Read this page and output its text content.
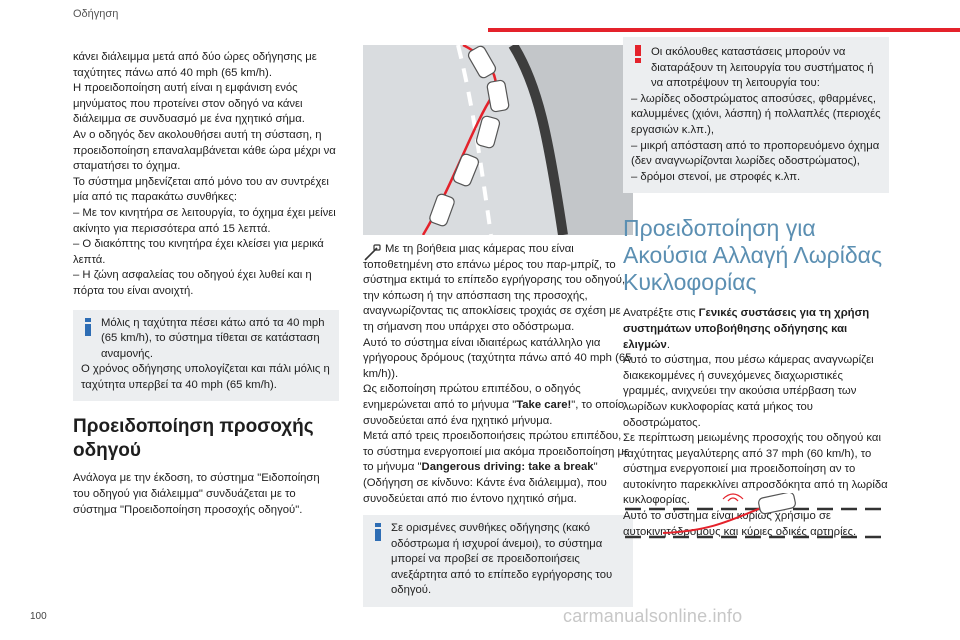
Οδήγηση

κάνει διάλειμμα μετά από δύο ώρες οδήγησης με ταχύτητες πάνω από 40 mph (65 km/h).

Η προειδοποίηση αυτή είναι η εμφάνιση ενός μηνύματος που προτείνει στον οδηγό να κάνει διάλειμμα σε συνδυασμό με ένα ηχητικό σήμα.

Αν ο οδηγός δεν ακολουθήσει αυτή τη σύσταση, η προειδοποίηση επαναλαμβάνεται κάθε ώρα μέχρι να σταματήσει το όχημα.

Το σύστημα μηδενίζεται από μόνο του αν συντρέχει μία από τις παρακάτω συνθήκες:

– Με τον κινητήρα σε λειτουργία, το όχημα έχει μείνει ακίνητο για περισσότερα από 15 λεπτά.

– Ο διακόπτης του κινητήρα έχει κλείσει για μερικά λεπτά.

– Η ζώνη ασφαλείας του οδηγού έχει λυθεί και η πόρτα του είναι ανοιχτή.

Μόλις η ταχύτητα πέσει κάτω από τα 40 mph (65 km/h), το σύστημα τίθεται σε κατάσταση αναμονής.

Ο χρόνος οδήγησης υπολογίζεται και πάλι μόλις η ταχύτητα υπερβεί τα 40 mph (65 km/h).

Προειδοποίηση προσοχής οδηγού

Ανάλογα με την έκδοση, το σύστημα "Ειδοποίηση του οδηγού για διάλειμμα" συνδυάζεται με το σύστημα "Προειδοποίηση προσοχής οδηγού".

Με τη βοήθεια μιας κάμερας που είναι τοποθετημένη στο επάνω μέρος του παρ-μπρίζ, το σύστημα εκτιμά το επίπεδο εγρήγορσης του οδηγού, την κόπωση ή την απόσπαση της προσοχής, αναγνωρίζοντας τις αποκλίσεις τροχιάς σε σχέση με τη σήμανση που υπάρχει στο οδόστρωμα.

Αυτό το σύστημα είναι ιδιαιτέρως κατάλληλο για γρήγορους δρόμους (ταχύτητα πάνω από 40 mph (65 km/h)).

Ως ειδοποίηση πρώτου επιπέδου, ο οδηγός ενημερώνεται από το μήνυμα "Take care!", το οποίο συνοδεύεται από ένα ηχητικό μήνυμα.

Μετά από τρεις προειδοποιήσεις πρώτου επιπέδου, το σύστημα ενεργοποιεί μια ακόμα προειδοποίηση με το μήνυμα "Dangerous driving: take a break" (Οδήγηση σε κίνδυνο: Κάντε ένα διάλειμμα), που συνοδεύεται από πιο έντονο ηχητικό σήμα.

Σε ορισμένες συνθήκες οδήγησης (κακό οδόστρωμα ή ισχυροί άνεμοι), το σύστημα μπορεί να προβεί σε προειδοποιήσεις ανεξάρτητα από το επίπεδο εγρήγορσης του οδηγού.

Οι ακόλουθες καταστάσεις μπορούν να διαταράξουν τη λειτουργία του συστήματος ή να αποτρέψουν τη λειτουργία του:

– λωρίδες οδοστρώματος αποσύσες, φθαρμένες, καλυμμένες (χιόνι, λάσπη) ή πολλαπλές (περιοχές εργασιών κ.λπ.),

– μικρή απόσταση από το προπορευόμενο όχημα (δεν αναγνωρίζονται λωρίδες οδοστρώματος),

– δρόμοι στενοί, με στροφές κ.λπ.

Προειδοποίηση για Ακούσια Αλλαγή Λωρίδας Κυκλοφορίας

Ανατρέξτε στις Γενικές συστάσεις για τη χρήση συστημάτων υποβοήθησης οδήγησης και ελιγμών.

Αυτό το σύστημα, που μέσω κάμερας αναγνωρίζει διακεκομμένες ή συνεχόμενες διαχωριστικές γραμμές, ανιχνεύει την ακούσια υπέρβαση των λωρίδων κυκλοφορίας κατά μήκος του οδοστρώματος.

Σε περίπτωση μειωμένης προσοχής του οδηγού και ταχύτητας μεγαλύτερης από 37 mph (60 km/h), το σύστημα ενεργοποιεί μια προειδοποίηση αν το αυτοκίνητο παρεκκλίνει απροσδόκητα από τη λωρίδα κυκλοφορίας.

Αυτό το σύστημα είναι κυρίως χρήσιμο σε αυτοκινητόδρομους και κύριες οδικές αρτηρίες.

100	carmanualsonline.info
